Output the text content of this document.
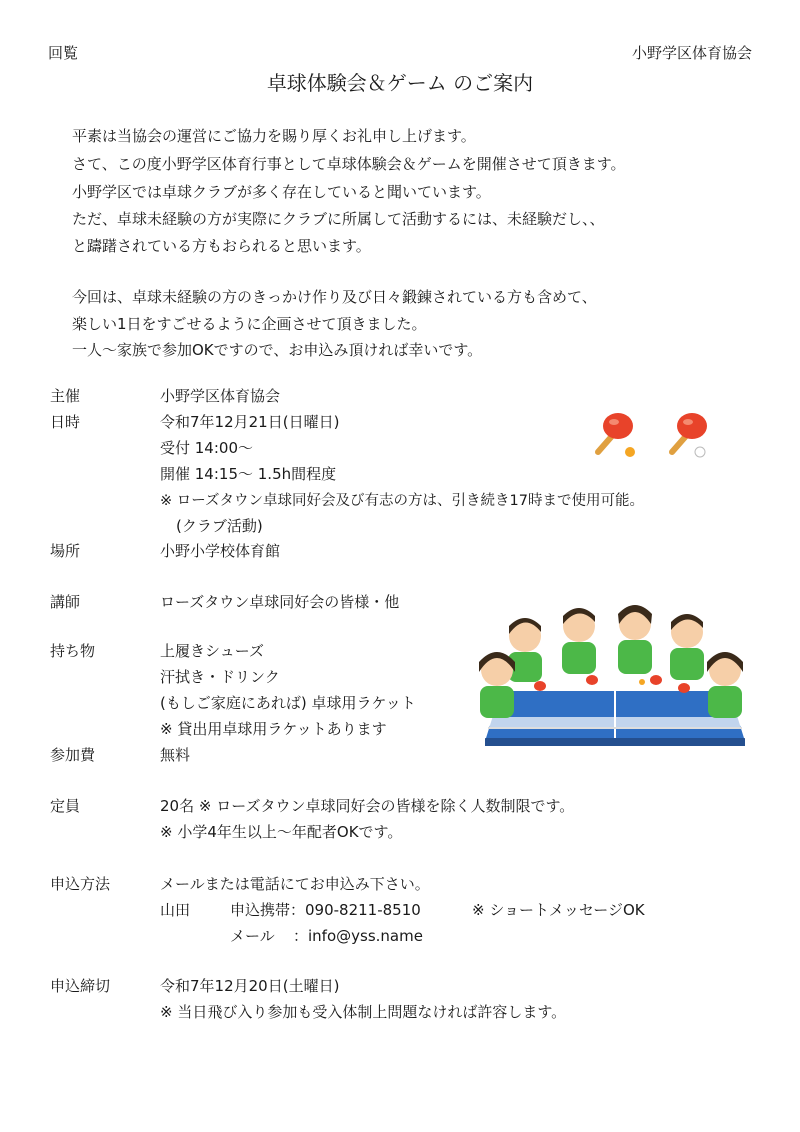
回覧	小野学区体育協会
卓球体験会＆ゲーム のご案内
平素は当協会の運営にご協力を賜り厚くお礼申し上げます。
さて、この度小野学区体育行事として卓球体験会＆ゲームを開催させて頂きます。
小野学区では卓球クラブが多く存在していると聞いています。
ただ、卓球未経験の方が実際にクラブに所属して活動するには、未経験だし、、
と躊躇されている方もおられると思います。
今回は、卓球未経験の方のきっかけ作り及び日々鍛錬されている方も含めて、
楽しい1日をすごせるように企画させて頂きました。
一人～家族で参加OKですので、お申込み頂ければ幸いです。
主催	小野学区体育協会
日時	令和7年12月21日(日曜日)
受付 14:00～
開催 14:15～ 1.5h間程度
※ ローズタウン卓球同好会及び有志の方は、引き続き17時まで使用可能。
(クラブ活動)
場所	小野小学校体育館
講師	ローズタウン卓球同好会の皆様・他
持ち物	上履きシューズ
汗拭き・ドリンク
(もしご家庭にあれば) 卓球用ラケット
※ 貸出用卓球用ラケットあります
参加費	無料
定員	20名 ※ ローズタウン卓球同好会の皆様を除く人数制限です。
※ 小学4年生以上～年配者OKです。
申込方法	メールまたは電話にてお申込み下さい。
山田	申込携帯：090-8211-8510	※ ショートメッセージOK
メール ：info@yss.name
申込締切	令和7年12月20日(土曜日)
※ 当日飛び入り参加も受入体制上問題なければ許容します。
